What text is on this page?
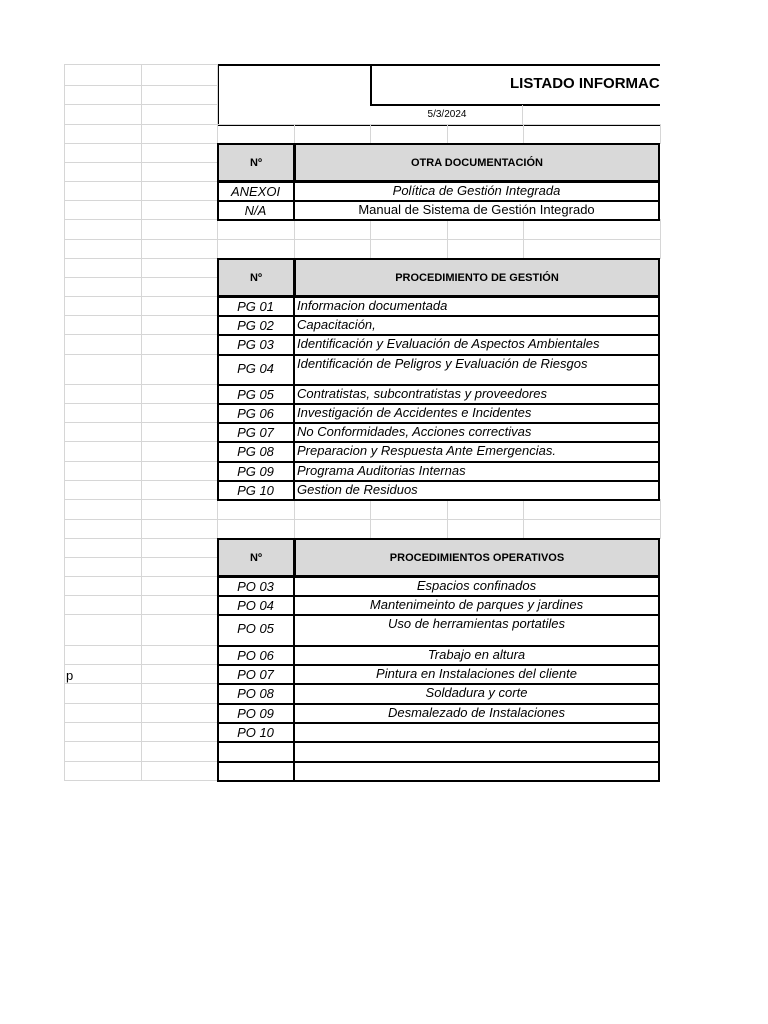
LISTADO INFORMAC
5/3/2024
p
Nº	OTRA DOCUMENTACIÓN
ANEXOI	Política de Gestión Integrada
N/A	Manual de Sistema de Gestión Integrado
Nº	PROCEDIMIENTO DE GESTIÓN
PG 01	Informacion documentada
PG 02	Capacitación,
PG 03	Identificación y Evaluación de Aspectos Ambientales
PG 04	Identificación de Peligros y Evaluación de Riesgos
PG 05	Contratistas, subcontratistas y proveedores
PG 06	Investigación de Accidentes e Incidentes
PG 07	No Conformidades, Acciones correctivas
PG 08	Preparacion y Respuesta Ante Emergencias.
PG 09	Programa Auditorias Internas
PG 10	Gestion de Residuos
Nº	PROCEDIMIENTOS OPERATIVOS
PO 03	Espacios confinados
PO 04	Mantenimeinto de parques y jardines
PO 05	Uso de herramientas portatiles
PO 06	Trabajo en altura
PO 07	Pintura en Instalaciones del cliente
PO 08	Soldadura y corte
PO 09	Desmalezado de Instalaciones
PO 10
